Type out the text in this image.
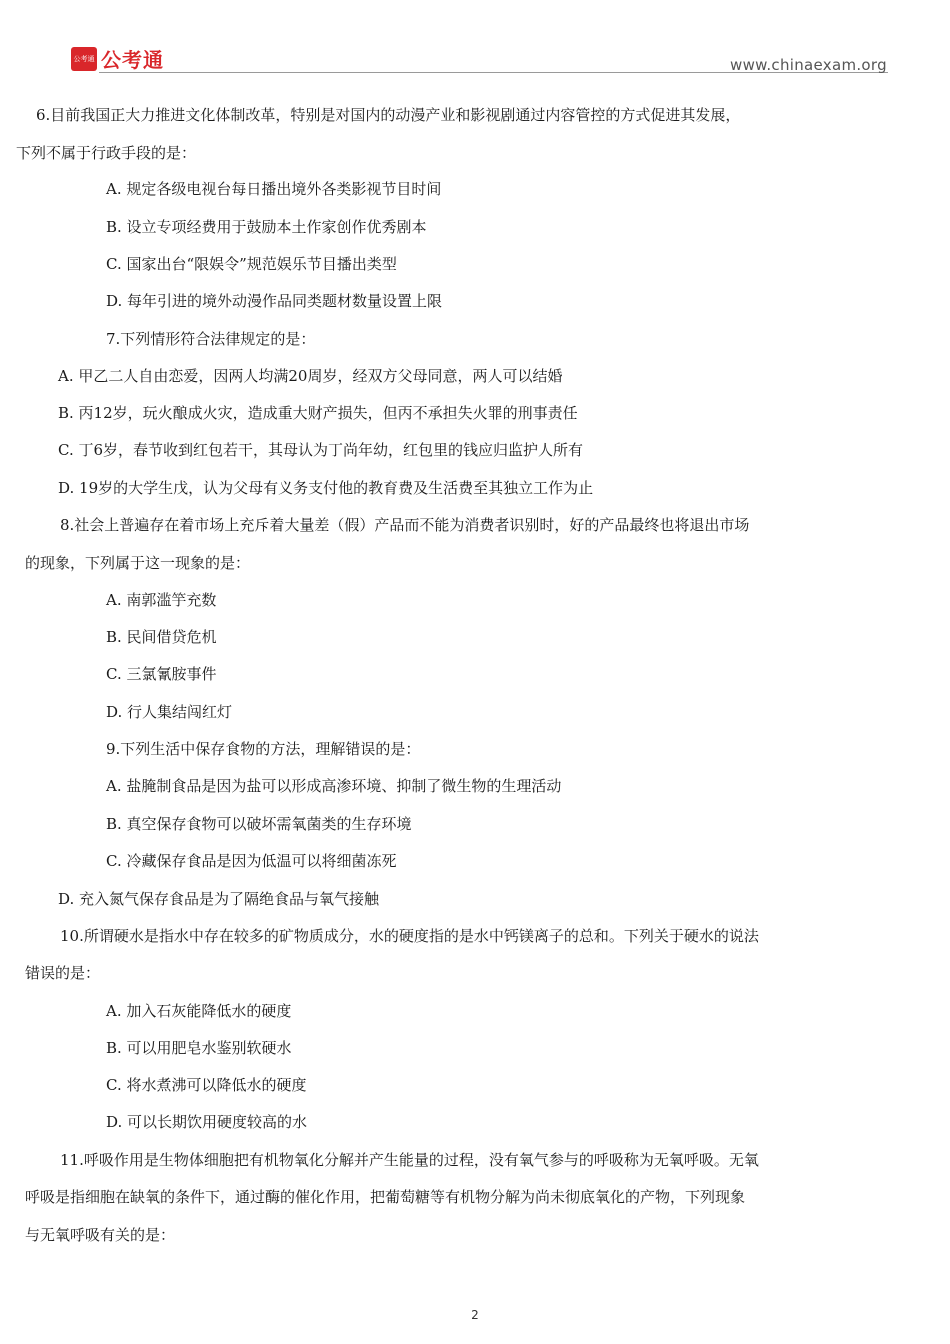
公考通 公考通	www.chinaexam.org
6.目前我国正大力推进文化体制改革，特别是对国内的动漫产业和影视剧通过内容管控的方式促进其发展，
下列不属于行政手段的是：
A. 规定各级电视台每日播出境外各类影视节目时间
B. 设立专项经费用于鼓励本土作家创作优秀剧本
C. 国家出台“限娱令”规范娱乐节目播出类型
D. 每年引进的境外动漫作品同类题材数量设置上限
7.下列情形符合法律规定的是：
A. 甲乙二人自由恋爱，因两人均满20周岁，经双方父母同意，两人可以结婚
B. 丙12岁，玩火酿成火灾，造成重大财产损失，但丙不承担失火罪的刑事责任
C. 丁6岁，春节收到红包若干，其母认为丁尚年幼，红包里的钱应归监护人所有
D. 19岁的大学生戊，认为父母有义务支付他的教育费及生活费至其独立工作为止
8.社会上普遍存在着市场上充斥着大量差（假）产品而不能为消费者识别时，好的产品最终也将退出市场
的现象，下列属于这一现象的是：
A. 南郭滥竽充数
B. 民间借贷危机
C. 三氯氰胺事件
D. 行人集结闯红灯
9.下列生活中保存食物的方法，理解错误的是：
A. 盐腌制食品是因为盐可以形成高渗环境、抑制了微生物的生理活动
B. 真空保存食物可以破坏需氧菌类的生存环境
C. 冷藏保存食品是因为低温可以将细菌冻死
D. 充入氮气保存食品是为了隔绝食品与氧气接触
10.所谓硬水是指水中存在较多的矿物质成分，水的硬度指的是水中钙镁离子的总和。下列关于硬水的说法
错误的是：
A. 加入石灰能降低水的硬度
B. 可以用肥皂水鉴别软硬水
C. 将水煮沸可以降低水的硬度
D. 可以长期饮用硬度较高的水
11.呼吸作用是生物体细胞把有机物氧化分解并产生能量的过程，没有氧气参与的呼吸称为无氧呼吸。无氧
呼吸是指细胞在缺氧的条件下，通过酶的催化作用，把葡萄糖等有机物分解为尚未彻底氧化的产物，下列现象
与无氧呼吸有关的是：
2
